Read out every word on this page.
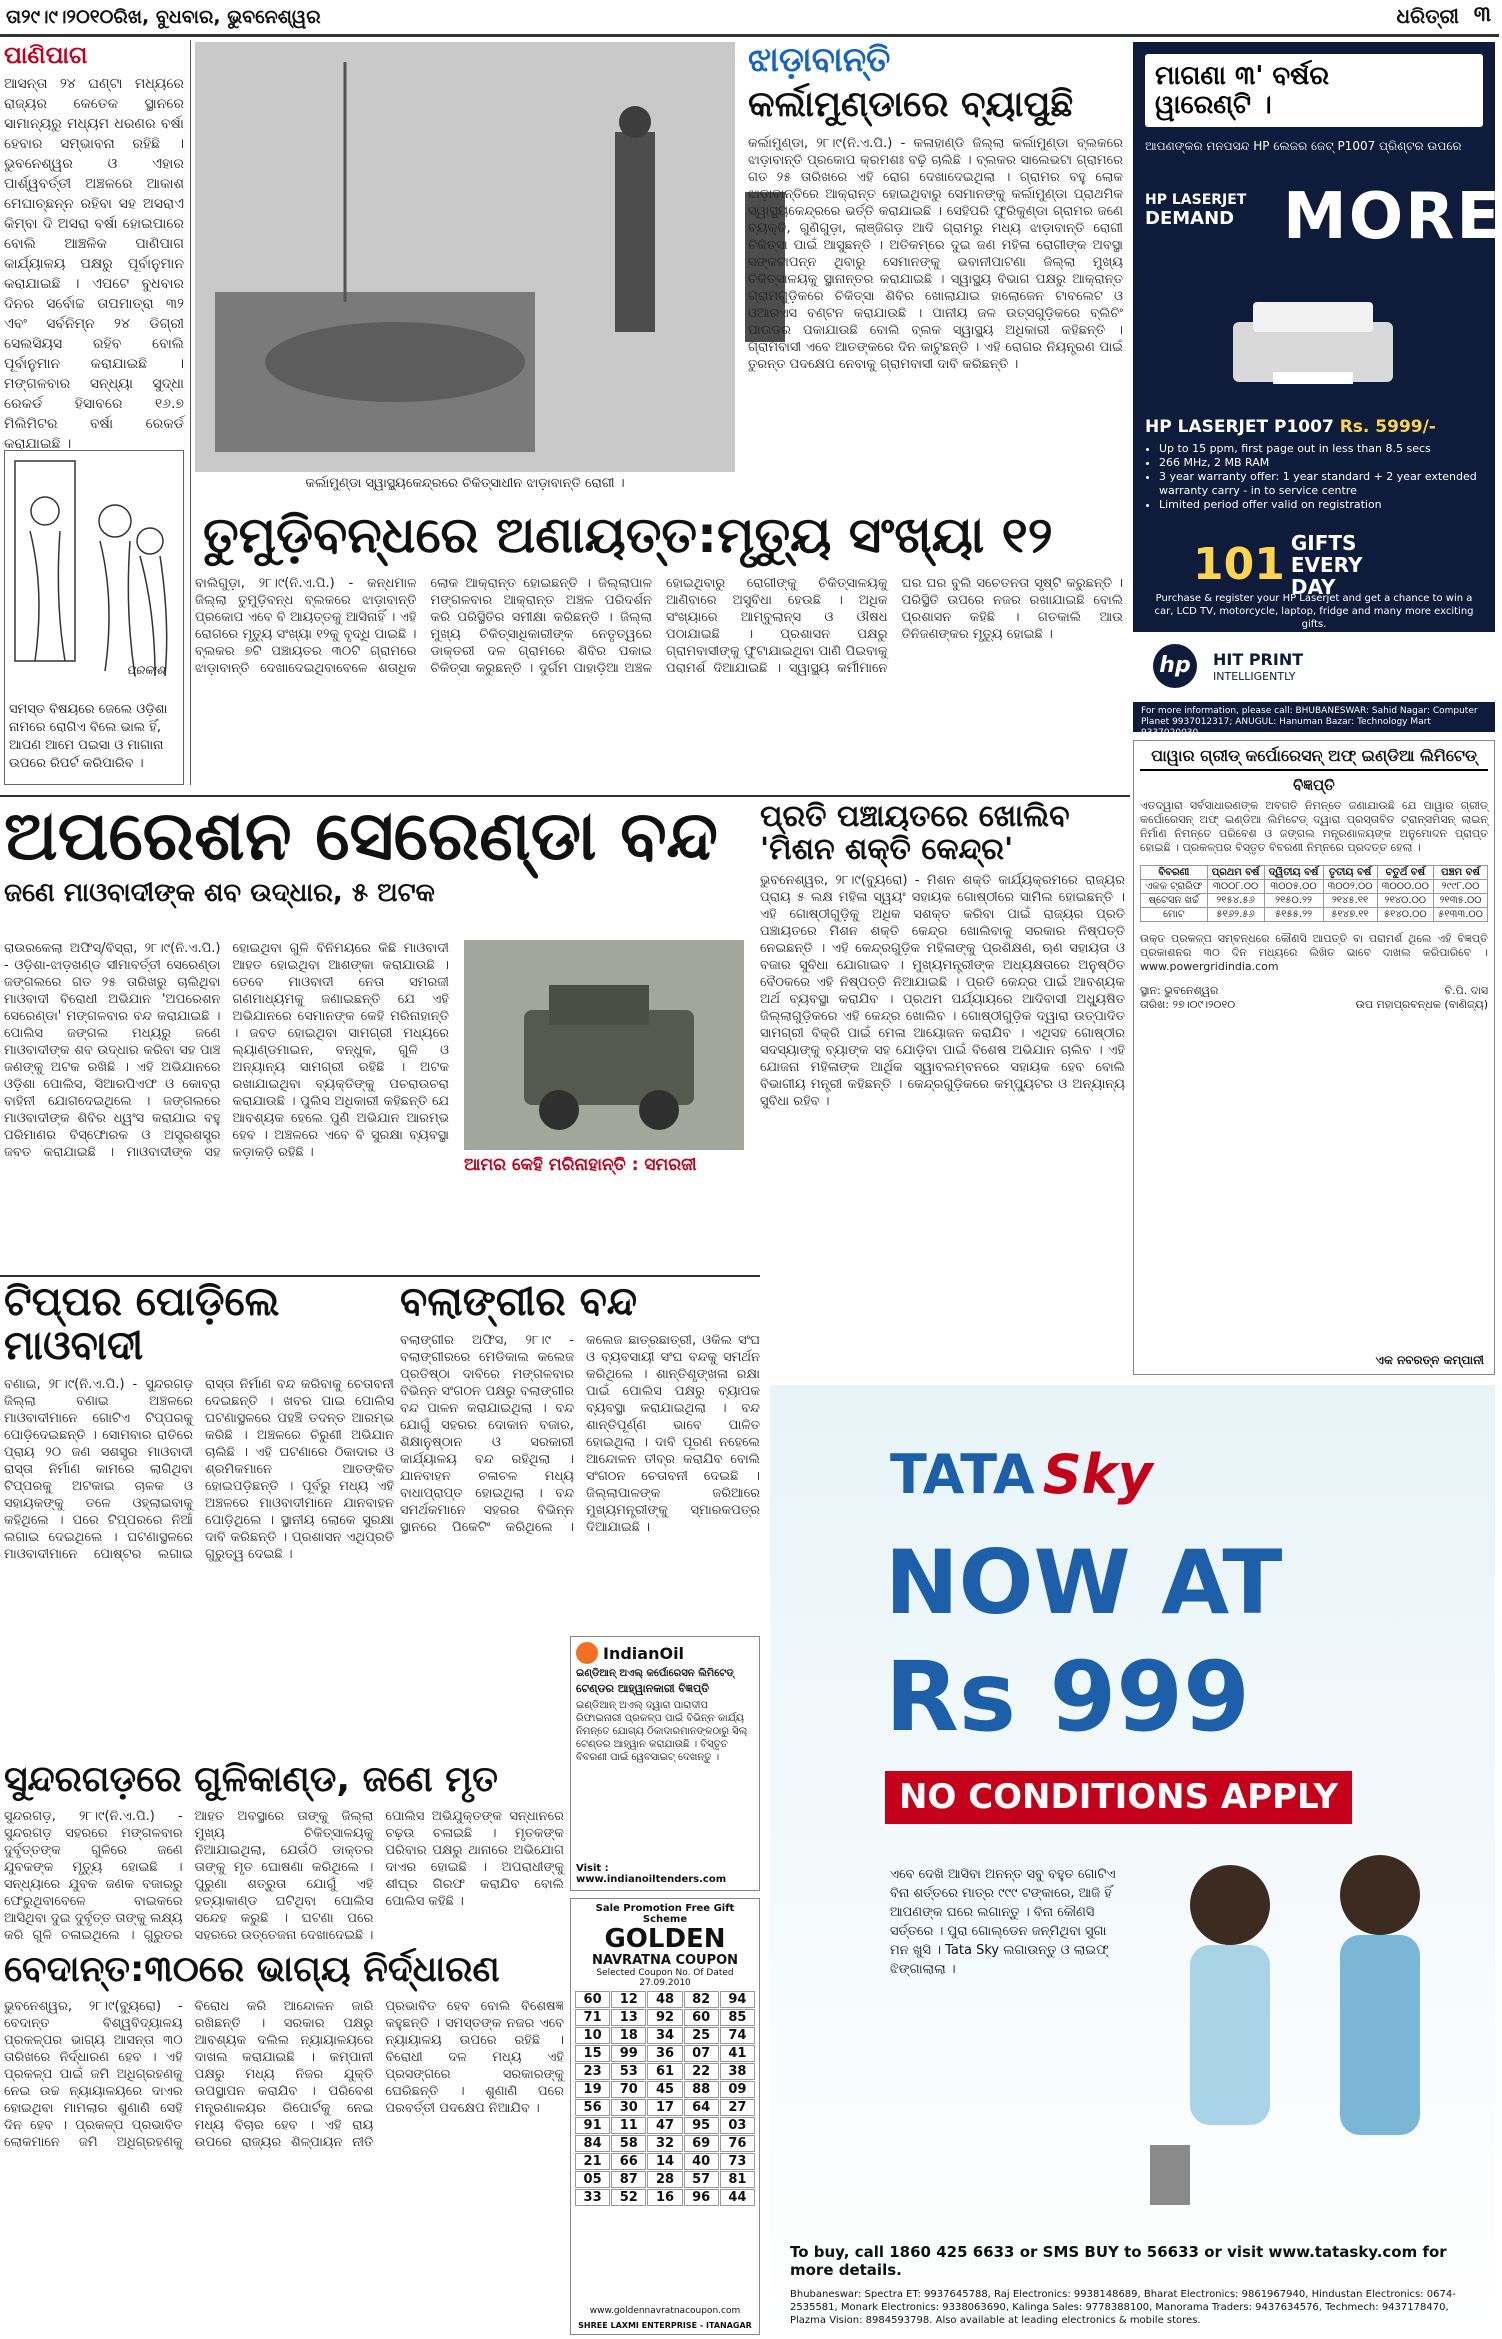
ତା୨୯।୯।୨୦୧୦ରିଖ, ବୁଧବାର, ଭୁବନେଶ୍ୱର	ଧରିତ୍ରୀ ୩
ପାଣିପାଗ
ଆସନ୍ତା ୨୪ ଘଣ୍ଟା ମଧ୍ୟରେ ରାଜ୍ୟର କେତେକ ସ୍ଥାନରେ ସାମାନ୍ୟରୁ ମଧ୍ୟମ ଧରଣର ବର୍ଷା ହେବାର ସମ୍ଭାବନା ରହିଛି । ଭୁବନେଶ୍ୱର ଓ ଏହାର ପାର୍ଶ୍ୱବର୍ତ୍ତୀ ଅଞ୍ଚଳରେ ଆକାଶ ମେଘାଚ୍ଛନ୍ନ ରହିବା ସହ ଅସରାଏ କିମ୍ବା ଦି ଅସରା ବର୍ଷା ହୋଇପାରେ ବୋଲି ଆଞ୍ଚଳିକ ପାଣିପାଗ କାର୍ଯ୍ୟାଳୟ ପକ୍ଷରୁ ପୂର୍ବାନୁମାନ କରାଯାଇଛି । ଏପଟେ ବୁଧବାର ଦିନର ସର୍ବୋଚ୍ଚ ତାପମାତ୍ରା ୩୨ ଏବଂ ସର୍ବନିମ୍ନ ୨୪ ଡିଗ୍ରୀ ସେଲସିୟସ ରହିବ ବୋଲି ପୂର୍ବାନୁମାନ କରାଯାଇଛି । ମଙ୍ଗଳବାର ସନ୍ଧ୍ୟା ସୁଦ୍ଧା ରେକର୍ଡ ହିସାବରେ ୧୬.୭ ମିଲିମିଟର ବର୍ଷା ରେକର୍ଡ କରାଯାଇଛି ।
ପ୍ରକାଶ
ସମସ୍ତ ବିଷୟରେ ଜେଲେ ଓଡ଼ିଶା ନାମରେ ରୋଗିଏ ବିଲେ ଭାଲ ହିଁ, ଆପଣ ଆମେ ପଇସା ଓ ମାଗାନା ଉପରେ ରିପର୍ଟ କରିପାରିବ ।
କର୍ଲାମୁଣ୍ଡା ସ୍ୱାସ୍ଥ୍ୟକେନ୍ଦ୍ରରେ ଚିକିତ୍ସାଧୀନ ଝାଡ଼ାବାନ୍ତି ରୋଗୀ ।
ଝାଡ଼ାବାନ୍ତି
କର୍ଲାମୁଣ୍ଡାରେ ବ୍ୟାପୁଛି
କର୍ଲାମୁଣ୍ଡା, ୨୮।୯(ନି.ଏ.ପି.) - କଳାହାଣ୍ଡି ଜିଲ୍ଲା କର୍ଲାମୁଣ୍ଡା ବ୍ଲକରେ ଝାଡ଼ାବାନ୍ତି ପ୍ରକୋପ କ୍ରମଶଃ ବଢ଼ି ଚାଲିଛି । ବ୍ଲକର ସାଲେଭଟା ଗ୍ରାମରେ ଗତ ୨୫ ତାରିଖରେ ଏହି ରୋଗ ଦେଖାଦେଇଥିଲା । ଗ୍ରାମର ବହୁ ଲୋକ ଝାଡ଼ାବାନ୍ତିରେ ଆକ୍ରାନ୍ତ ହୋଇଥିବାରୁ ସେମାନଙ୍କୁ କର୍ଲାମୁଣ୍ଡା ପ୍ରାଥମିକ ସ୍ୱାସ୍ଥ୍ୟକେନ୍ଦ୍ରରେ ଭର୍ତ୍ତି କରାଯାଇଛି । ସେହିପରି ଫୁରିକୁଣ୍ଡା ଗ୍ରାମର ଜଣେ ବ୍ୟକ୍ତି, ଗୁଣିଗୁଡ଼ା, ଲାଞ୍ଜିଗଡ଼ ଆଦି ଗ୍ରାମରୁ ମଧ୍ୟ ଝାଡ଼ାବାନ୍ତି ରୋଗୀ ଚିକିତ୍ସା ପାଇଁ ଆସୁଛନ୍ତି । ଅତିକମ୍‌ରେ ଦୁଇ ଜଣ ମହିଳା ରୋଗୀଙ୍କ ଅବସ୍ଥା ସଙ୍କଟାପନ୍ନ ଥିବାରୁ ସେମାନଙ୍କୁ ଭବାନୀପାଟଣା ଜିଲ୍ଲା ମୁଖ୍ୟ ଚିକିତ୍ସାଳୟକୁ ସ୍ଥାନାନ୍ତର କରାଯାଇଛି । ସ୍ୱାସ୍ଥ୍ୟ ବିଭାଗ ପକ୍ଷରୁ ଆକ୍ରାନ୍ତ ଗ୍ରାମଗୁଡ଼ିକରେ ଚିକିତ୍ସା ଶିବିର ଖୋଲାଯାଇ ହାଲୋଜେନ ଟାବଲେଟ ଓ ଓଆରଏସ ବଣ୍ଟନ କରାଯାଉଛି । ପାନୀୟ ଜଳ ଉତ୍ସଗୁଡ଼ିକରେ ବ୍ଲିଚିଂ ପାଉଡର ପକାଯାଉଛି ବୋଲି ବ୍ଲକ ସ୍ୱାସ୍ଥ୍ୟ ଅଧିକାରୀ କହିଛନ୍ତି । ଗ୍ରାମବାସୀ ଏବେ ଆତଙ୍କରେ ଦିନ କାଟୁଛନ୍ତି । ଏହି ରୋଗର ନିୟନ୍ତ୍ରଣ ପାଇଁ ତୁରନ୍ତ ପଦକ୍ଷେପ ନେବାକୁ ଗ୍ରାମବାସୀ ଦାବି କରିଛନ୍ତି ।
ତୁମୁଡ଼ିବନ୍ଧରେ ଅଣାୟତ୍ତ:ମୃତ୍ୟୁ ସଂଖ୍ୟା ୧୨
ବାଲିଗୁଡ଼ା, ୨୮।୯(ନି.ଏ.ପି.) - କନ୍ଧମାଳ ଜିଲ୍ଲା ତୁମୁଡ଼ିବନ୍ଧ ବ୍ଲକରେ ଝାଡ଼ାବାନ୍ତି ପ୍ରକୋପ ଏବେ ବି ଆୟତ୍ତକୁ ଆସିନାହିଁ । ଏହି ରୋଗରେ ମୃତ୍ୟୁ ସଂଖ୍ୟା ୧୨କୁ ବୃଦ୍ଧି ପାଇଛି । ବ୍ଲକର ୭ଟି ପଞ୍ଚାୟତର ୩୦ଟି ଗ୍ରାମରେ ଝାଡ଼ାବାନ୍ତି ଦେଖାଦେଇଥିବାବେଳେ ଶତାଧିକ ଲୋକ ଆକ୍ରାନ୍ତ ହୋଇଛନ୍ତି । ଜିଲ୍ଲାପାଳ ମଙ୍ଗଳବାର ଆକ୍ରାନ୍ତ ଅଞ୍ଚଳ ପରିଦର୍ଶନ କରି ପରିସ୍ଥିତିର ସମୀକ୍ଷା କରିଛନ୍ତି । ଜିଲ୍ଲା ମୁଖ୍ୟ ଚିକିତ୍ସାଧିକାରୀଙ୍କ ନେତୃତ୍ୱରେ ଡାକ୍ତରୀ ଦଳ ଗ୍ରାମରେ ଶିବିର ପକାଇ ଚିକିତ୍ସା କରୁଛନ୍ତି । ଦୁର୍ଗମ ପାହାଡ଼ିଆ ଅଞ୍ଚଳ ହୋଇଥିବାରୁ ରୋଗୀଙ୍କୁ ଚିକିତ୍ସାଳୟକୁ ଆଣିବାରେ ଅସୁବିଧା ହେଉଛି । ଅଧିକ ସଂଖ୍ୟାରେ ଆମ୍ବୁଲାନ୍ସ ଓ ଔଷଧ ପଠାଯାଇଛି । ପ୍ରଶାସନ ପକ୍ଷରୁ ଗ୍ରାମବାସୀଙ୍କୁ ଫୁଟାଯାଇଥିବା ପାଣି ପିଇବାକୁ ପରାମର୍ଶ ଦିଆଯାଇଛି । ସ୍ୱାସ୍ଥ୍ୟ କର୍ମୀମାନେ ଘର ଘର ବୁଲି ସଚେତନତା ସୃଷ୍ଟି କରୁଛନ୍ତି । ପରିସ୍ଥିତି ଉପରେ ନଜର ରଖାଯାଇଛି ବୋଲି ପ୍ରଶାସନ କହିଛି । ଗତକାଲି ଆଉ ତିନିଜଣଙ୍କର ମୃତ୍ୟୁ ହୋଇଛି ।
ମାଗଣା ୩' ବର୍ଷର
ୱାରେଣ୍ଟି ।
ଆପଣଙ୍କର ମନପସନ୍ଦ HP ଲେଜର ଜେଟ୍ P1007 ପ୍ରିଣ୍ଟର ଉପରେ
HP LASERJET
DEMAND MORE
HP LASERJET P1007 Rs. 5999/-
• Up to 15 ppm, first page out in less than 8.5 secs
• 266 MHz, 2 MB RAM
• 3 year warranty offer: 1 year standard + 2 year extended warranty carry - in to service centre
• Limited period offer valid on registration
101 GIFTS EVERY DAY
Purchase & register your HP Laserjet and get a chance to win a car, LCD TV, motorcycle, laptop, fridge and many more exciting gifts.
hp	HIT PRINT
INTELLIGENTLY
For more information, please call: BHUBANESWAR: Sahid Nagar: Computer Planet 9937012317; ANUGUL: Hanuman Bazar: Technology Mart 9337020030.
ଅପରେଶନ ସେରେଣ୍ଡା ବନ୍ଦ
ଜଣେ ମାଓବାଦୀଙ୍କ ଶବ ଉଦ୍ଧାର, ୫ ଅଟକ
ରାଉରକେଲା ଅଫିସ୍/ବିସ୍ରା, ୨୮।୯(ନି.ଏ.ପି.) - ଓଡ଼ିଶା-ଝାଡ଼ଖଣ୍ଡ ସୀମାବର୍ତ୍ତୀ ସେରେଣ୍ଡା ଜଙ୍ଗଲରେ ଗତ ୨୫ ତାରିଖରୁ ଚାଲିଥିବା ମାଓବାଦୀ ବିରୋଧୀ ଅଭିଯାନ 'ଅପରେଶନ ସେରେଣ୍ଡା' ମଙ୍ଗଳବାର ବନ୍ଦ କରାଯାଇଛି । ପୋଲିସ ଜଙ୍ଗଲ ମଧ୍ୟରୁ ଜଣେ ମାଓବାଦୀଙ୍କ ଶବ ଉଦ୍ଧାର କରିବା ସହ ପାଞ୍ଚ ଜଣଙ୍କୁ ଅଟକ ରଖିଛି । ଏହି ଅଭିଯାନରେ ଓଡ଼ିଶା ପୋଲିସ, ସିଆରପିଏଫ ଓ କୋବ୍ରା ବାହିନୀ ଯୋଗଦେଇଥିଲେ । ଜଙ୍ଗଲରେ ମାଓବାଦୀଙ୍କ ଶିବିର ଧ୍ୱଂସ କରାଯାଇ ବହୁ ପରିମାଣର ବିସ୍ଫୋରକ ଓ ଅସ୍ତ୍ରଶସ୍ତ୍ର ଜବତ କରାଯାଇଛି । ମାଓବାଦୀଙ୍କ ସହ ହୋଇଥିବା ଗୁଳି ବିନିମୟରେ କିଛି ମାଓବାଦୀ ଆହତ ହୋଇଥିବା ଆଶଙ୍କା କରାଯାଉଛି । ତେବେ ମାଓବାଦୀ ନେତା ସମରଜୀ ଗଣମାଧ୍ୟମକୁ ଜଣାଇଛନ୍ତି ଯେ ଏହି ଅଭିଯାନରେ ସେମାନଙ୍କ କେହି ମରିନାହାନ୍ତି । ଜବତ ହୋଇଥିବା ସାମଗ୍ରୀ ମଧ୍ୟରେ ଲ୍ୟାଣ୍ଡମାଇନ, ବନ୍ଧୁକ, ଗୁଳି ଓ ଅନ୍ୟାନ୍ୟ ସାମଗ୍ରୀ ରହିଛି । ଅଟକ ରଖାଯାଇଥିବା ବ୍ୟକ୍ତିଙ୍କୁ ପଚରାଉଚରା କରାଯାଉଛି । ପୁଲିସ ଅଧିକାରୀ କହିଛନ୍ତି ଯେ ଆବଶ୍ୟକ ହେଲେ ପୁଣି ଅଭିଯାନ ଆରମ୍ଭ ହେବ । ଅଞ୍ଚଳରେ ଏବେ ବି ସୁରକ୍ଷା ବ୍ୟବସ୍ଥା କଡ଼ାକଡ଼ି ରହିଛି ।
ଆମର କେହି ମରିନାହାନ୍ତି : ସମରଜୀ
ପ୍ରତି ପଞ୍ଚାୟତରେ ଖୋଲିବ
'ମିଶନ ଶକ୍ତି କେନ୍ଦ୍ର'
ଭୁବନେଶ୍ୱର, ୨୮।୯(ବ୍ୟୁରୋ) - ମିଶନ ଶକ୍ତି କାର୍ଯ୍ୟକ୍ରମରେ ରାଜ୍ୟର ପ୍ରାୟ ୫ ଲକ୍ଷ ମହିଳା ସ୍ୱୟଂ ସହାୟକ ଗୋଷ୍ଠୀରେ ସାମିଲ ହୋଇଛନ୍ତି । ଏହି ଗୋଷ୍ଠୀଗୁଡ଼ିକୁ ଅଧିକ ସଶକ୍ତ କରିବା ପାଇଁ ରାଜ୍ୟର ପ୍ରତି ପଞ୍ଚାୟତରେ ମିଶନ ଶକ୍ତି କେନ୍ଦ୍ର ଖୋଲିବାକୁ ସରକାର ନିଷ୍ପତ୍ତି ନେଇଛନ୍ତି । ଏହି କେନ୍ଦ୍ରଗୁଡ଼ିକ ମହିଳାଙ୍କୁ ପ୍ରଶିକ୍ଷଣ, ଋଣ ସହାୟତା ଓ ବଜାର ସୁବିଧା ଯୋଗାଇବ । ମୁଖ୍ୟମନ୍ତ୍ରୀଙ୍କ ଅଧ୍ୟକ୍ଷତାରେ ଅନୁଷ୍ଠିତ ବୈଠକରେ ଏହି ନିଷ୍ପତ୍ତି ନିଆଯାଇଛି । ପ୍ରତି କେନ୍ଦ୍ର ପାଇଁ ଆବଶ୍ୟକ ଅର୍ଥ ବ୍ୟବସ୍ଥା କରାଯିବ । ପ୍ରଥମ ପର୍ଯ୍ୟାୟରେ ଆଦିବାସୀ ଅଧ୍ୟୁଷିତ ଜିଲ୍ଲାଗୁଡ଼ିକରେ ଏହି କେନ୍ଦ୍ର ଖୋଲିବ । ଗୋଷ୍ଠୀଗୁଡ଼ିକ ଦ୍ୱାରା ଉତ୍ପାଦିତ ସାମଗ୍ରୀ ବିକ୍ରି ପାଇଁ ମେଳା ଆୟୋଜନ କରାଯିବ । ଏଥିସହ ଗୋଷ୍ଠୀର ସଦସ୍ୟାଙ୍କୁ ବ୍ୟାଙ୍କ ସହ ଯୋଡ଼ିବା ପାଇଁ ବିଶେଷ ଅଭିଯାନ ଚାଲିବ । ଏହି ଯୋଜନା ମହିଳାଙ୍କ ଆର୍ଥିକ ସ୍ୱାବଲମ୍ବନରେ ସହାୟକ ହେବ ବୋଲି ବିଭାଗୀୟ ମନ୍ତ୍ରୀ କହିଛନ୍ତି । କେନ୍ଦ୍ରଗୁଡ଼ିକରେ କମ୍ପ୍ୟୁଟର ଓ ଅନ୍ୟାନ୍ୟ ସୁବିଧା ରହିବ ।
ପାୱାର ଗ୍ରୀଡ୍ କର୍ପୋରେସନ୍ ଅଫ୍ ଇଣ୍ଡିଆ ଲିମିଟେଡ୍
ବିଜ୍ଞପ୍ତି
ଏତଦ୍ୱାରା ସର୍ବସାଧାରଣଙ୍କ ଅବଗତି ନିମନ୍ତେ ଜଣାଯାଉଛି ଯେ ପାୱାର ଗ୍ରୀଡ୍ କର୍ପୋରେସନ୍ ଅଫ୍ ଇଣ୍ଡିଆ ଲିମିଟେଡ୍ ଦ୍ୱାରା ପ୍ରସ୍ତାବିତ ଟ୍ରାନ୍ସମିସନ୍ ଲାଇନ୍ ନିର୍ମାଣ ନିମନ୍ତେ ପରିବେଶ ଓ ଜଙ୍ଗଲ ମନ୍ତ୍ରଣାଳୟଙ୍କ ଅନୁମୋଦନ ପ୍ରାପ୍ତ ହୋଇଛି । ପ୍ରକଳ୍ପର ବିସ୍ତୃତ ବିବରଣୀ ନିମ୍ନରେ ପ୍ରଦତ୍ତ ହେଲା ।
ବିବରଣୀ	ପ୍ରଥମ ବର୍ଷ	ଦ୍ୱିତୀୟ ବର୍ଷ	ତୃତୀୟ ବର୍ଷ	ଚତୁର୍ଥ ବର୍ଷ	ପଞ୍ଚମ ବର୍ଷ
ଏକକ ଟ୍ରାରିଫ	୩୦୦୮.୦୦	୩୦୦୫.୦୦	୩୦୦୨.୦୦	୩୦୦୦.୦୦	୨୯୯୮.୦୦
ଷ୍ଟେସନ ଖର୍ଚ୍ଚ	୨୧୫୪.୫୬	୨୧୫୦.୨୨	୨୧୪୫.୧୧	୨୧୪୦.୦୦	୨୧୩୫.୦୦
ମୋଟ	୫୧୬୨.୫୬	୫୧୫୫.୨୨	୫୧୪୭.୧୧	୫୧୪୦.୦୦	୫୧୩୩.୦୦
ଉକ୍ତ ପ୍ରକଳ୍ପ ସମ୍ବନ୍ଧରେ କୌଣସି ଆପତ୍ତି ବା ପରାମର୍ଶ ଥିଲେ ଏହି ବିଜ୍ଞପ୍ତି ପ୍ରକାଶନର ୩୦ ଦିନ ମଧ୍ୟରେ ଲିଖିତ ଭାବେ ଦାଖଲ କରିପାରିବେ । www.powergridindia.com
ସ୍ଥାନ: ଭୁବନେଶ୍ୱର
ତାରିଖ: ୨୭।୦୯।୨୦୧୦
ବି.ପି. ଦାସ
ଉପ ମହାପ୍ରବନ୍ଧକ (ବାଣିଜ୍ୟ)
ଏକ ନବରତ୍ନ କମ୍ପାନୀ
ଟିପ୍ପର ପୋଡ଼ିଲେ ମାଓବାଦୀ
ବଣାଇ, ୨୮।୯(ନି.ଏ.ପି.) - ସୁନ୍ଦରଗଡ଼ ଜିଲ୍ଲା ବଣାଇ ଅଞ୍ଚଳରେ ମାଓବାଦୀମାନେ ଗୋଟିଏ ଟିପ୍ପରକୁ ପୋଡ଼ିଦେଇଛନ୍ତି । ସୋମବାର ରାତିରେ ପ୍ରାୟ ୨୦ ଜଣ ସଶସ୍ତ୍ର ମାଓବାଦୀ ରାସ୍ତା ନିର୍ମାଣ କାମରେ ଲାଗିଥିବା ଟିପ୍ପରକୁ ଅଟକାଇ ଚାଳକ ଓ ସହାୟକଙ୍କୁ ତଳେ ଓହ୍ଲାଇବାକୁ କହିଥିଲେ । ପରେ ଟିପ୍ପରରେ ନିଆଁ ଲଗାଇ ଦେଇଥିଲେ । ଘଟଣାସ୍ଥଳରେ ମାଓବାଦୀମାନେ ପୋଷ୍ଟର ଲଗାଇ ରାସ୍ତା ନିର୍ମାଣ ବନ୍ଦ କରିବାକୁ ଚେତାବନୀ ଦେଇଛନ୍ତି । ଖବର ପାଇ ପୋଲିସ ଘଟଣାସ୍ଥଳରେ ପହଞ୍ଚି ତଦନ୍ତ ଆରମ୍ଭ କରିଛି । ଅଞ୍ଚଳରେ ଚିରୁଣୀ ଅଭିଯାନ ଚାଲିଛି । ଏହି ଘଟଣାରେ ଠିକାଦାର ଓ ଶ୍ରମିକମାନେ ଆତଙ୍କିତ ହୋଇପଡ଼ିଛନ୍ତି । ପୂର୍ବରୁ ମଧ୍ୟ ଏହି ଅଞ୍ଚଳରେ ମାଓବାଦୀମାନେ ଯାନବାହନ ପୋଡ଼ିଥିଲେ । ସ୍ଥାନୀୟ ଲୋକେ ସୁରକ୍ଷା ଦାବି କରିଛନ୍ତି । ପ୍ରଶାସନ ଏଥିପ୍ରତି ଗୁରୁତ୍ୱ ଦେଇଛି ।
ବଲାଙ୍ଗୀର ବନ୍ଦ
ବଲାଙ୍ଗୀର ଅଫିସ, ୨୮।୯ - ବଲାଙ୍ଗୀରରେ ମେଡିକାଲ କଲେଜ ପ୍ରତିଷ୍ଠା ଦାବିରେ ମଙ୍ଗଳବାର ବିଭିନ୍ନ ସଂଗଠନ ପକ୍ଷରୁ ବଲାଙ୍ଗୀର ବନ୍ଦ ପାଳନ କରାଯାଇଥିଲା । ବନ୍ଦ ଯୋଗୁଁ ସହରର ଦୋକାନ ବଜାର, ଶିକ୍ଷାନୁଷ୍ଠାନ ଓ ସରକାରୀ କାର୍ଯ୍ୟାଳୟ ବନ୍ଦ ରହିଥିଲା । ଯାନବାହନ ଚଳାଚଳ ମଧ୍ୟ ବାଧାପ୍ରାପ୍ତ ହୋଇଥିଲା । ବନ୍ଦ ସମର୍ଥକମାନେ ସହରର ବିଭିନ୍ନ ସ୍ଥାନରେ ପିକେଟିଂ କରିଥିଲେ । କଲେଜ ଛାତ୍ରଛାତ୍ରୀ, ଓକିଲ ସଂଘ ଓ ବ୍ୟବସାୟୀ ସଂଘ ବନ୍ଦକୁ ସମର୍ଥନ କରିଥିଲେ । ଶାନ୍ତିଶୃଙ୍ଖଳା ରକ୍ଷା ପାଇଁ ପୋଲିସ ପକ୍ଷରୁ ବ୍ୟାପକ ବ୍ୟବସ୍ଥା କରାଯାଇଥିଲା । ବନ୍ଦ ଶାନ୍ତିପୂର୍ଣ୍ଣ ଭାବେ ପାଳିତ ହୋଇଥିଲା । ଦାବି ପୂରଣ ନହେଲେ ଆନ୍ଦୋଳନ ତୀବ୍ର କରାଯିବ ବୋଲି ସଂଗଠନ ଚେତାବନୀ ଦେଇଛି । ଜିଲ୍ଲାପାଳଙ୍କ ଜରିଆରେ ମୁଖ୍ୟମନ୍ତ୍ରୀଙ୍କୁ ସ୍ମାରକପତ୍ର ଦିଆଯାଇଛି ।
ସୁନ୍ଦରଗଡ଼ରେ ଗୁଳିକାଣ୍ଡ, ଜଣେ ମୃତ
ସୁନ୍ଦରଗଡ଼, ୨୮।୯(ନି.ଏ.ପି.) - ସୁନ୍ଦରଗଡ଼ ସହରରେ ମଙ୍ଗଳବାର ଦୁର୍ବୃତ୍ତଙ୍କ ଗୁଳିରେ ଜଣେ ଯୁବକଙ୍କ ମୃତ୍ୟୁ ହୋଇଛି । ସନ୍ଧ୍ୟାରେ ଯୁବକ ଜଣକ ବଜାରରୁ ଫେରୁଥିବାବେଳେ ବାଇକରେ ଆସିଥିବା ଦୁଇ ଦୁର୍ବୃତ୍ତ ତାଙ୍କୁ ଲକ୍ଷ୍ୟ କରି ଗୁଳି ଚଳାଇଥିଲେ । ଗୁରୁତର ଆହତ ଅବସ୍ଥାରେ ତାଙ୍କୁ ଜିଲ୍ଲା ମୁଖ୍ୟ ଚିକିତ୍ସାଳୟକୁ ନିଆଯାଇଥିଲା, ଯେଉଁଠି ଡାକ୍ତର ତାଙ୍କୁ ମୃତ ଘୋଷଣା କରିଥିଲେ । ପୁରୁଣା ଶତ୍ରୁତା ଯୋଗୁଁ ଏହି ହତ୍ୟାକାଣ୍ଡ ଘଟିଥିବା ପୋଲିସ ସନ୍ଦେହ କରୁଛି । ଘଟଣା ପରେ ସହରରେ ଉତ୍ତେଜନା ଦେଖାଦେଇଛି । ପୋଲିସ ଅଭିଯୁକ୍ତଙ୍କ ସନ୍ଧାନରେ ଚଢ଼ଉ ଚଳାଇଛି । ମୃତକଙ୍କ ପରିବାର ପକ୍ଷରୁ ଥାନାରେ ଅଭିଯୋଗ ଦାଏର ହୋଇଛି । ଅପରାଧୀଙ୍କୁ ଶୀଘ୍ର ଗିରଫ କରାଯିବ ବୋଲି ପୋଲିସ କହିଛି ।
ବେଦାନ୍ତ:୩୦ରେ ଭାଗ୍ୟ ନିର୍ଦ୍ଧାରଣ
ଭୁବନେଶ୍ୱର, ୨୮।୯(ବ୍ୟୁରୋ) - ବେଦାନ୍ତ ବିଶ୍ୱବିଦ୍ୟାଳୟ ପ୍ରକଳ୍ପର ଭାଗ୍ୟ ଆସନ୍ତା ୩୦ ତାରିଖରେ ନିର୍ଦ୍ଧାରଣ ହେବ । ଏହି ପ୍ରକଳ୍ପ ପାଇଁ ଜମି ଅଧିଗ୍ରହଣକୁ ନେଇ ଉଚ୍ଚ ନ୍ୟାୟାଳୟରେ ଦାଏର ହୋଇଥିବା ମାମଲାର ଶୁଣାଣି ସେହି ଦିନ ହେବ । ପ୍ରକଳ୍ପ ପ୍ରଭାବିତ ଲୋକମାନେ ଜମି ଅଧିଗ୍ରହଣକୁ ବିରୋଧ କରି ଆନ୍ଦୋଳନ ଜାରି ରଖିଛନ୍ତି । ସରକାର ପକ୍ଷରୁ ଆବଶ୍ୟକ ଦଲିଲ ନ୍ୟାୟାଳୟରେ ଦାଖଲ କରାଯାଇଛି । କମ୍ପାନୀ ପକ୍ଷରୁ ମଧ୍ୟ ନିଜର ଯୁକ୍ତି ଉପସ୍ଥାପନ କରାଯିବ । ପରିବେଶ ମନ୍ତ୍ରଣାଳୟର ରିପୋର୍ଟକୁ ନେଇ ମଧ୍ୟ ବିଚାର ହେବ । ଏହି ରାୟ ଉପରେ ରାଜ୍ୟର ଶିଳ୍ପାୟନ ନୀତି ପ୍ରଭାବିତ ହେବ ବୋଲି ବିଶେଷଜ୍ଞ କହୁଛନ୍ତି । ସମସ୍ତଙ୍କ ନଜର ଏବେ ନ୍ୟାୟାଳୟ ଉପରେ ରହିଛି । ବିରୋଧୀ ଦଳ ମଧ୍ୟ ଏହି ପ୍ରସଙ୍ଗରେ ସରକାରଙ୍କୁ ଘେରିଛନ୍ତି । ଶୁଣାଣି ପରେ ପରବର୍ତ୍ତୀ ପଦକ୍ଷେପ ନିଆଯିବ ।
IndianOil
ଇଣ୍ଡିଆନ୍ ଅଏଲ୍ କର୍ପୋରେସନ ଲିମିଟେଡ୍
ଟେଣ୍ଡର ଆହ୍ୱାନକାରୀ ବିଜ୍ଞପ୍ତି
ଇଣ୍ଡିଆନ୍ ଅଏଲ୍ ଦ୍ୱାରା ପାରାଦୀପ ରିଫାଇନାରୀ ପ୍ରକଳ୍ପ ପାଇଁ ବିଭିନ୍ନ କାର୍ଯ୍ୟ ନିମନ୍ତେ ଯୋଗ୍ୟ ଠିକାଦାରମାନଙ୍କଠାରୁ ସିଲ୍ ଟେଣ୍ଡର ଆହ୍ୱାନ କରାଯାଉଛି । ବିସ୍ତୃତ ବିବରଣୀ ପାଇଁ ୱେବସାଇଟ୍ ଦେଖନ୍ତୁ ।
Visit : www.indianoiltenders.com
Sale Promotion Free Gift Scheme
GOLDEN
NAVRATNA COUPON
Selected Coupon No. Of Dated 27.09.2010
60	12	48	82	94
71	13	92	60	85
10	18	34	25	74
15	99	36	07	41
23	53	61	22	38
19	70	45	88	09
56	30	17	64	27
91	11	47	95	03
84	58	32	69	76
21	66	14	40	73
05	87	28	57	81
33	52	16	96	44
www.goldennavratnacoupon.com
SHREE LAXMI ENTERPRISE - ITANAGAR
TATA Sky
NOW AT
Rs 999
NO CONDITIONS APPLY
ଏବେ ଦେଖି ଆସିବା ଅନନ୍ତ ସବୁ ବହୁତ ଗୋଟିଏ ବିନା ଶର୍ତ୍ତରେ ମାତ୍ର ୯୯୯ ଟଙ୍କାରେ, ଆଜି ହିଁ ଆପଣଙ୍କ ଘରେ ଲଗାନ୍ତୁ । ବିନା କୌଣସି ସର୍ତ୍ତରେ । ପୁରା ଗୋଲ୍ଡେନ ଜନ୍ମିଥିବା ସୁଗା ମନ ଖୁସି । Tata Sky ଲଗାଉନ୍ତୁ ଓ ଲାଇଫ୍ ଝିଙ୍ଗାଲାଲା ।
To buy, call 1860 425 6633 or SMS BUY to 56633 or visit www.tatasky.com for more details.
Bhubaneswar: Spectra ET: 9937645788, Raj Electronics: 9938148689, Bharat Electronics: 9861967940, Hindustan Electronics: 0674-2535581, Monark Electronics: 9338063690, Kalinga Sales: 9778388100, Manorama Traders: 9437634576, Techmech: 9437178470, Plazma Vision: 8984593798. Also available at leading electronics & mobile stores.
